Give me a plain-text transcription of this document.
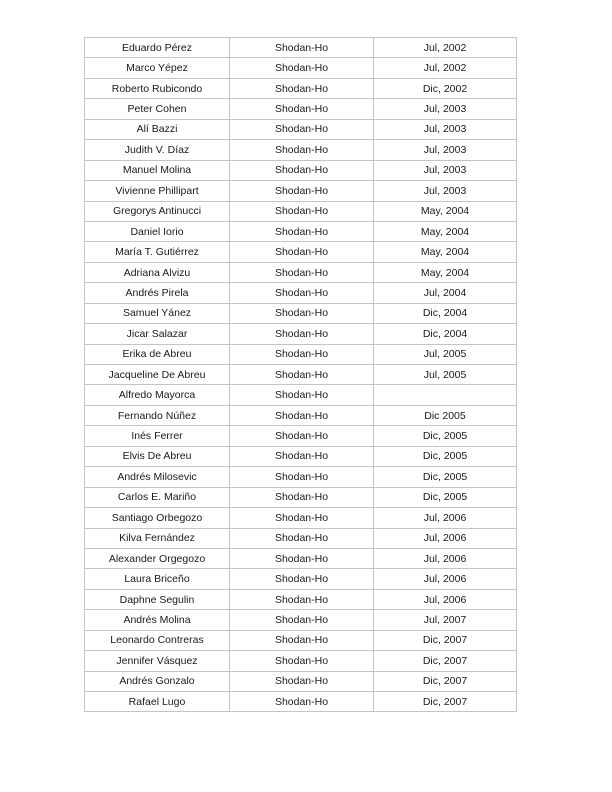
Eduardo Pérez	Shodan-Ho	Jul, 2002
Marco Yépez	Shodan-Ho	Jul, 2002
Roberto Rubicondo	Shodan-Ho	Dic, 2002
Peter Cohen	Shodan-Ho	Jul, 2003
Alí Bazzi	Shodan-Ho	Jul, 2003
Judith V. Díaz	Shodan-Ho	Jul, 2003
Manuel Molina	Shodan-Ho	Jul, 2003
Vivienne Phillipart	Shodan-Ho	Jul, 2003
Gregorys Antinucci	Shodan-Ho	May, 2004
Daniel Iorio	Shodan-Ho	May, 2004
María T. Gutiérrez	Shodan-Ho	May, 2004
Adriana Alvizu	Shodan-Ho	May, 2004
Andrés Pirela	Shodan-Ho	Jul, 2004
Samuel Yánez	Shodan-Ho	Dic, 2004
Jicar Salazar	Shodan-Ho	Dic, 2004
Erika de Abreu	Shodan-Ho	Jul, 2005
Jacqueline De Abreu	Shodan-Ho	Jul, 2005
Alfredo Mayorca	Shodan-Ho	
Fernando Núñez	Shodan-Ho	Dic 2005
Inés Ferrer	Shodan-Ho	Dic, 2005
Elvis De Abreu	Shodan-Ho	Dic, 2005
Andrés Milosevic	Shodan-Ho	Dic, 2005
Carlos E. Mariño	Shodan-Ho	Dic, 2005
Santiago Orbegozo	Shodan-Ho	Jul, 2006
Kilva Fernández	Shodan-Ho	Jul, 2006
Alexander Orgegozo	Shodan-Ho	Jul, 2006
Laura Briceño	Shodan-Ho	Jul, 2006
Daphne Segulin	Shodan-Ho	Jul, 2006
Andrés Molina	Shodan-Ho	Jul, 2007
Leonardo Contreras	Shodan-Ho	Dic, 2007
Jennifer Vásquez	Shodan-Ho	Dic, 2007
Andrés Gonzalo	Shodan-Ho	Dic, 2007
Rafael Lugo	Shodan-Ho	Dic, 2007
